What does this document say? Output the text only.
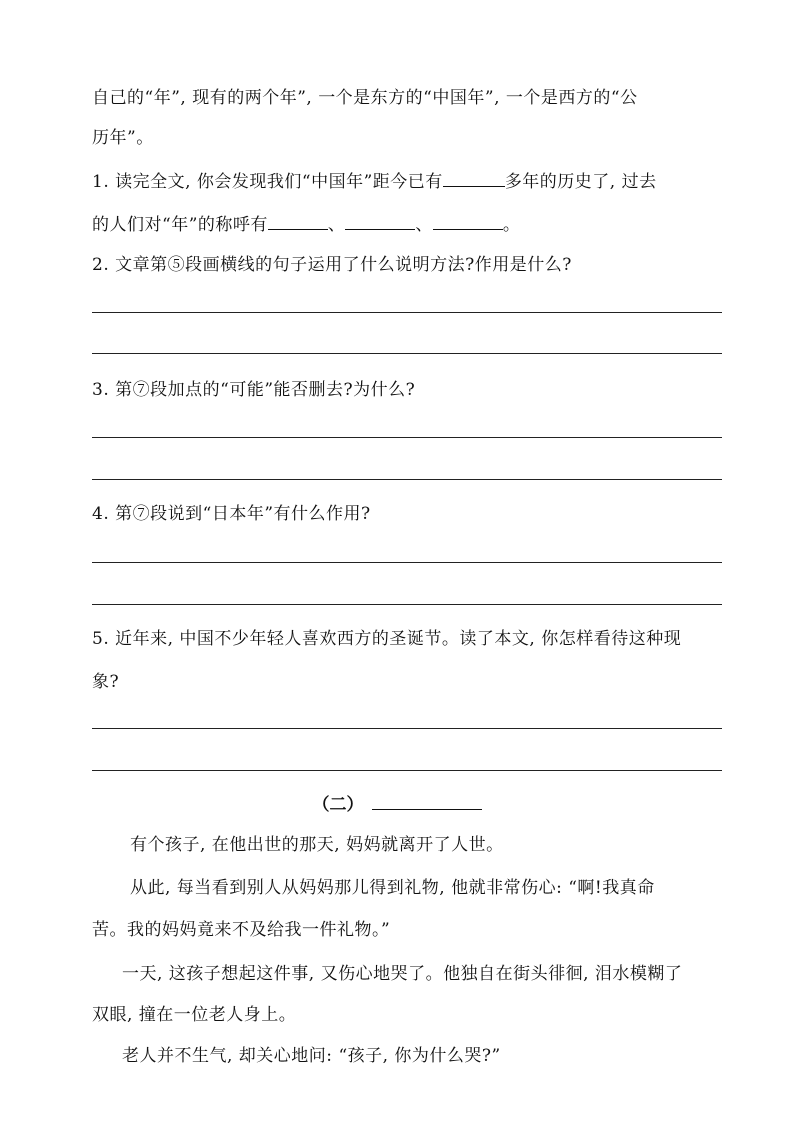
自己的“年”, 现有的两个年”, 一个是东方的“中国年”, 一个是西方的“公
历年”。
1. 读完全文, 你会发现我们“中国年”距今已有	多年的历史了, 过去
的人们对“年”的称呼有	、	、	。
2. 文章第⑤段画横线的句子运用了什么说明方法?作用是什么?
3. 第⑦段加点的“可能”能否删去?为什么?
4. 第⑦段说到“日本年”有什么作用?
5. 近年来, 中国不少年轻人喜欢西方的圣诞节。读了本文, 你怎样看待这种现
象?
（二）
有个孩子, 在他出世的那天, 妈妈就离开了人世。
从此, 每当看到别人从妈妈那儿得到礼物, 他就非常伤心: “啊!我真命
苦。我的妈妈竟来不及给我一件礼物。”
一天, 这孩子想起这件事, 又伤心地哭了。他独自在街头徘徊, 泪水模糊了
双眼, 撞在一位老人身上。
老人并不生气, 却关心地问: “孩子, 你为什么哭?”
